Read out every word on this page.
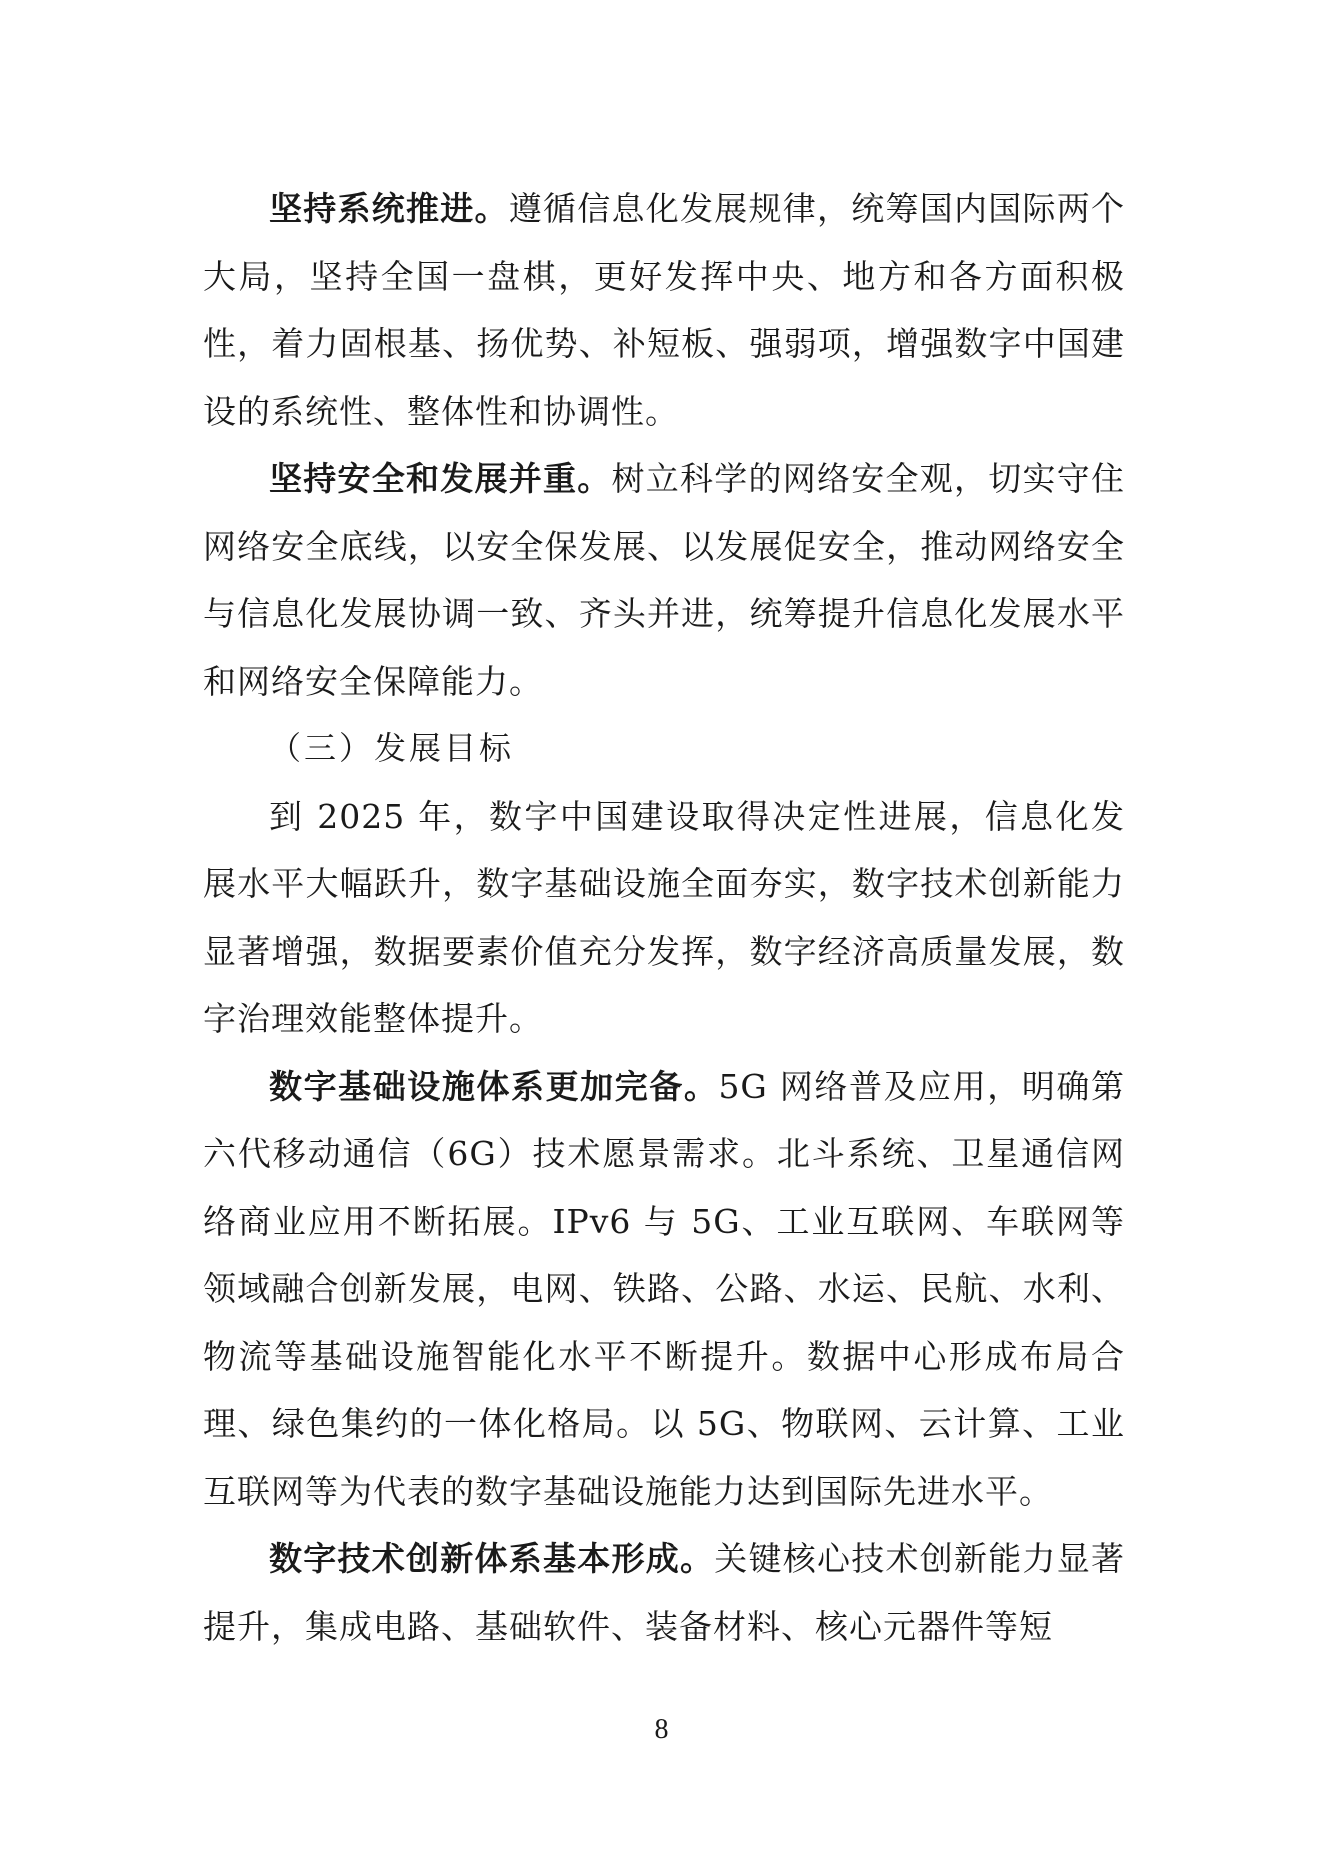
坚持系统推进。遵循信息化发展规律，统筹国内国际两个大局，坚持全国一盘棋，更好发挥中央、地方和各方面积极性，着力固根基、扬优势、补短板、强弱项，增强数字中国建设的系统性、整体性和协调性。

坚持安全和发展并重。树立科学的网络安全观，切实守住网络安全底线，以安全保发展、以发展促安全，推动网络安全与信息化发展协调一致、齐头并进，统筹提升信息化发展水平和网络安全保障能力。

（三）发展目标

到 2025 年，数字中国建设取得决定性进展，信息化发展水平大幅跃升，数字基础设施全面夯实，数字技术创新能力显著增强，数据要素价值充分发挥，数字经济高质量发展，数字治理效能整体提升。

数字基础设施体系更加完备。5G 网络普及应用，明确第六代移动通信（6G）技术愿景需求。北斗系统、卫星通信网络商业应用不断拓展。IPv6 与 5G、工业互联网、车联网等领域融合创新发展，电网、铁路、公路、水运、民航、水利、物流等基础设施智能化水平不断提升。数据中心形成布局合理、绿色集约的一体化格局。以 5G、物联网、云计算、工业互联网等为代表的数字基础设施能力达到国际先进水平。

数字技术创新体系基本形成。关键核心技术创新能力显著提升，集成电路、基础软件、装备材料、核心元器件等短

8
